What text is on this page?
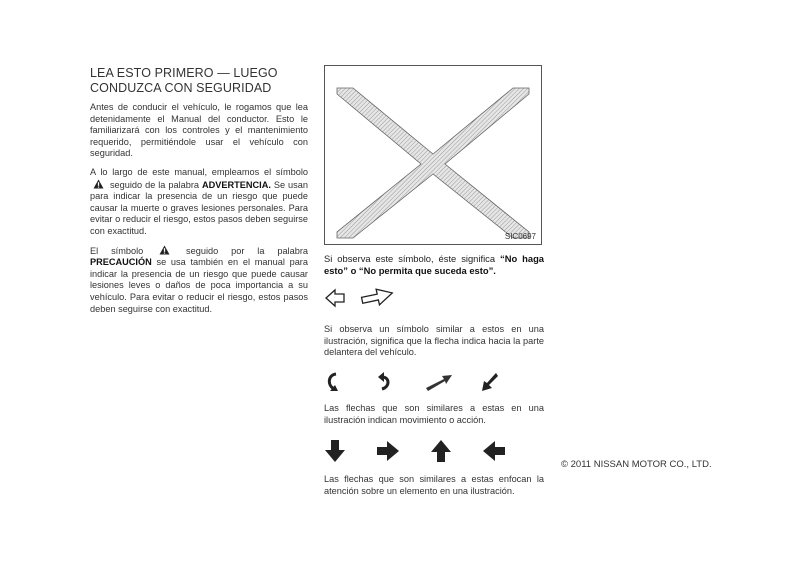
LEA ESTO PRIMERO — LUEGO
CONDUZCA CON SEGURIDAD

Antes de conducir el vehículo, le rogamos que lea detenidamente el Manual del conductor. Esto le familiarizará con los controles y el mantenimiento requerido, permitiéndole usar el vehículo con seguridad.

A lo largo de este manual, empleamos el símbolo  seguido de la palabra ADVERTENCIA. Se usan para indicar la presencia de un riesgo que puede causar la muerte o graves lesiones personales. Para evitar o reducir el riesgo, estos pasos deben seguirse con exactitud.

El símbolo	seguido por la palabra PRECAUCIÓN se usa también en el manual para indicar la presencia de un riesgo que puede causar lesiones leves o daños de poca importancia a su vehículo. Para evitar o reducir el riesgo, estos pasos deben seguirse con exactitud.

SIC0697

Si observa este símbolo, éste significa “No haga esto” o “No permita que suceda esto”.

Si observa un símbolo similar a estos en una ilustración, significa que la flecha indica hacia la parte delantera del vehículo.

Las flechas que son similares a estas en una ilustración indican movimiento o acción.

Las flechas que son similares a estas enfocan la atención sobre un elemento en una ilustración.

© 2011 NISSAN MOTOR CO., LTD.
